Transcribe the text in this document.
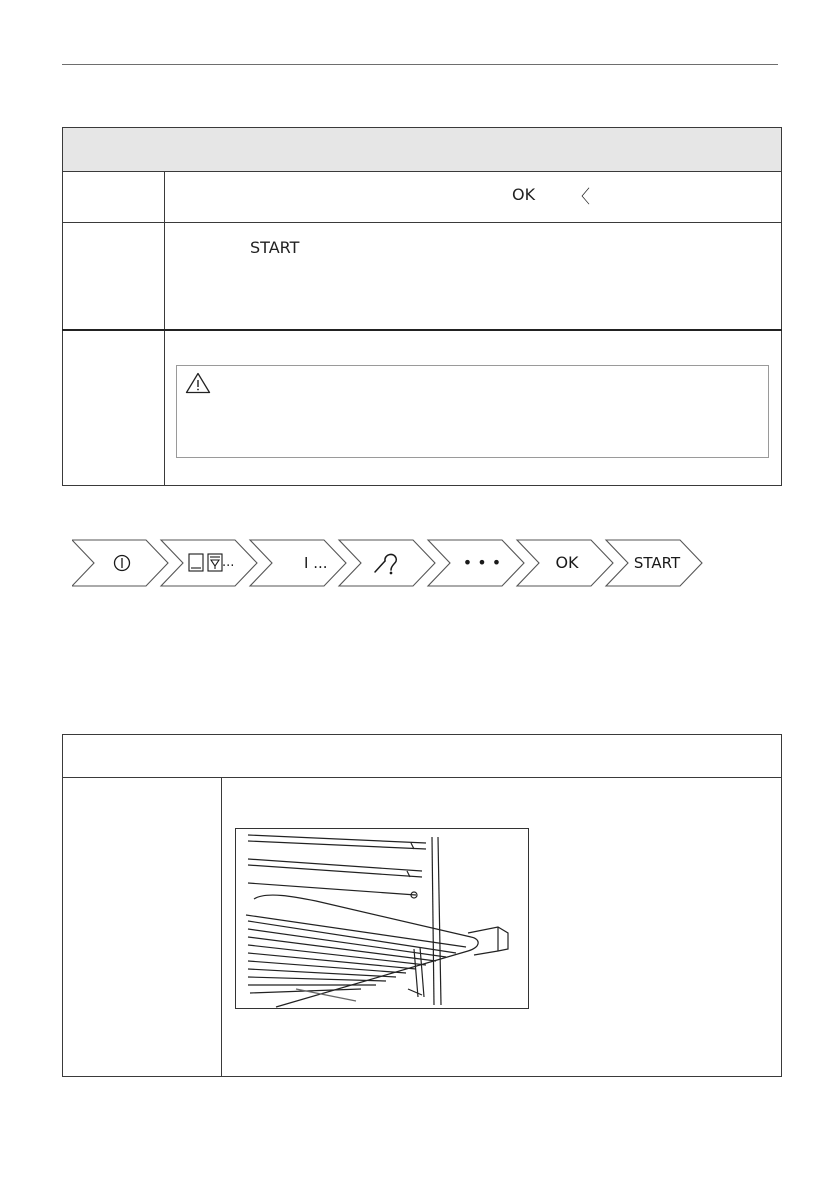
OK 〈
START
...	I ...	• • •	OK	START
